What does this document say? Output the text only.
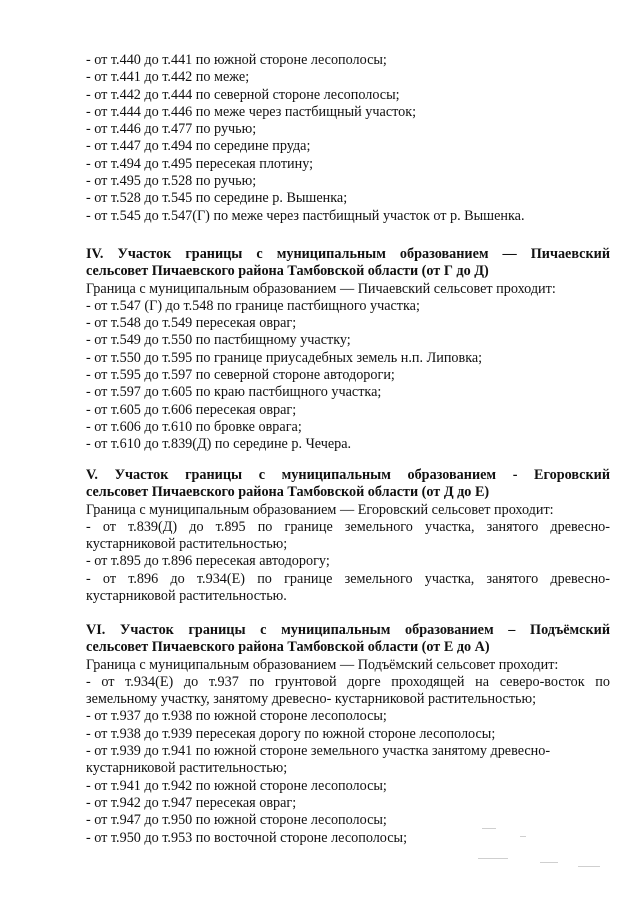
- от т.440 до т.441 по южной стороне лесополосы;
- от т.441 до т.442 по меже;
- от т.442 до т.444 по северной стороне лесополосы;
- от т.444 до т.446 по меже через пастбищный участок;
- от т.446 до т.477 по ручью;
- от т.447 до т.494 по середине пруда;
- от т.494 до т.495 пересекая плотину;
- от т.495 до т.528 по ручью;
- от т.528 до т.545 по середине р. Вышенка;
- от т.545 до т.547(Г) по меже через пастбищный участок от р. Вышенка.
IV. Участок границы с муниципальным образованием — Пичаевский
сельсовет Пичаевского района Тамбовской области (от Г до Д)
Граница с муниципальным образованием — Пичаевский сельсовет проходит:
- от т.547 (Г) до т.548 по границе пастбищного участка;
- от т.548 до т.549 пересекая овраг;
- от т.549 до т.550 по пастбищному участку;
- от т.550 до т.595 по границе приусадебных земель н.п. Липовка;
- от т.595 до т.597 по северной стороне автодороги;
- от т.597 до т.605 по краю пастбищного участка;
- от т.605 до т.606 пересекая овраг;
- от т.606 до т.610 по бровке оврага;
- от т.610 до т.839(Д) по середине р. Чечера.
V. Участок границы с муниципальным образованием - Егоровский
сельсовет Пичаевского района Тамбовской области (от Д до Е)
Граница с муниципальным образованием — Егоровский сельсовет проходит:
- от т.839(Д) до т.895 по границе земельного участка, занятого древесно-
кустарниковой растительностью;
- от т.895 до т.896 пересекая автодорогу;
- от т.896 до т.934(Е) по границе земельного участка, занятого древесно-
кустарниковой растительностью.
VI. Участок границы с муниципальным образованием – Подъёмский
сельсовет Пичаевского района Тамбовской области (от Е до А)
Граница с муниципальным образованием — Подъёмский сельсовет проходит:
- от т.934(Е) до т.937 по грунтовой дорге проходящей на северо-восток по
земельному участку, занятому древесно- кустарниковой растительностью;
- от т.937 до т.938 по южной стороне лесополосы;
- от т.938 до т.939 пересекая дорогу по южной стороне лесополосы;
- от т.939 до т.941 по южной стороне земельного участка занятому древесно-
кустарниковой растительностью;
- от т.941 до т.942 по южной стороне лесополосы;
- от т.942 до т.947 пересекая овраг;
- от т.947 до т.950 по южной стороне лесополосы;
- от т.950 до т.953 по восточной стороне лесополосы;
